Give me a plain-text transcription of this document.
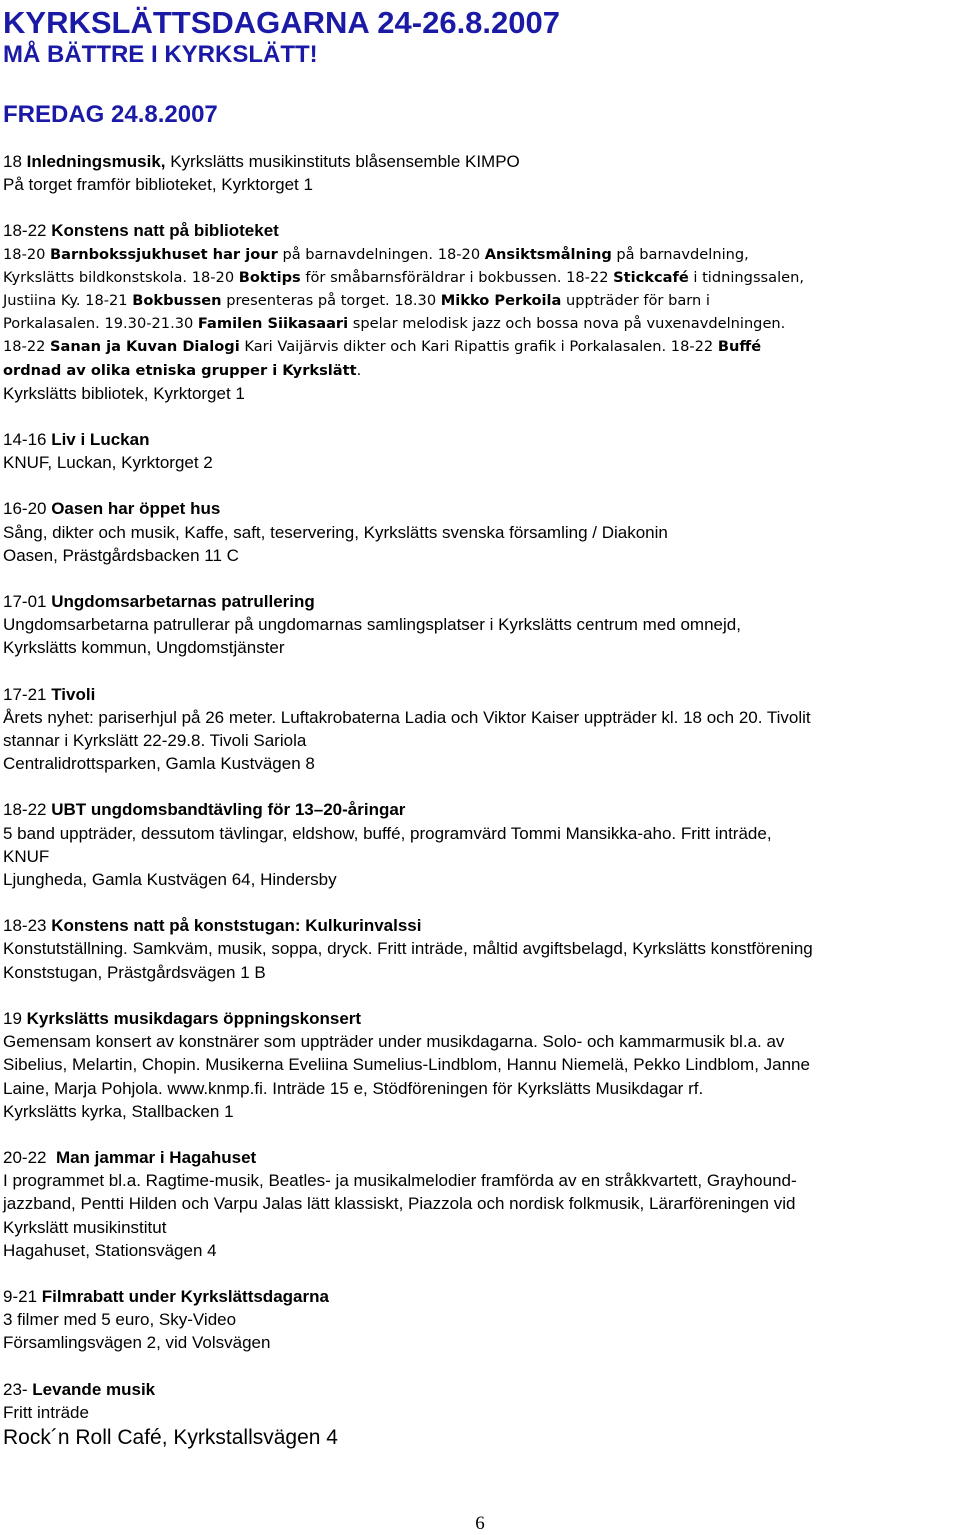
KYRKSLÄTTSDAGARNA 24-26.8.2007
MÅ BÄTTRE I KYRKSLÄTT!
FREDAG 24.8.2007
18 Inledningsmusik, Kyrkslätts musikinstituts blåsensemble KIMPO
På torget framför biblioteket, Kyrktorget 1
18-22 Konstens natt på biblioteket
18-20 Barnbokssjukhuset har jour på barnavdelningen. 18-20 Ansiktsmålning på barnavdelning,
Kyrkslätts bildkonstskola. 18-20 Boktips för småbarnsföräldrar i bokbussen. 18-22 Stickcafé i tidningssalen,
Justiina Ky. 18-21 Bokbussen presenteras på torget. 18.30 Mikko Perkoila uppträder för barn i
Porkalasalen. 19.30-21.30 Familen Siikasaari spelar melodisk jazz och bossa nova på vuxenavdelningen.
18-22 Sanan ja Kuvan Dialogi Kari Vaijärvis dikter och Kari Ripattis grafik i Porkalasalen. 18-22 Buffé
ordnad av olika etniska grupper i Kyrkslätt.
Kyrkslätts bibliotek, Kyrktorget 1
14-16 Liv i Luckan
KNUF, Luckan, Kyrktorget 2
16-20 Oasen har öppet hus
Sång, dikter och musik, Kaffe, saft, teservering, Kyrkslätts svenska församling / Diakonin
Oasen, Prästgårdsbacken 11 C
17-01 Ungdomsarbetarnas patrullering
Ungdomsarbetarna patrullerar på ungdomarnas samlingsplatser i Kyrkslätts centrum med omnejd,
Kyrkslätts kommun, Ungdomstjänster
17-21 Tivoli
Årets nyhet: pariserhjul på 26 meter. Luftakrobaterna Ladia och Viktor Kaiser uppträder kl. 18 och 20. Tivolit
stannar i Kyrkslätt 22-29.8. Tivoli Sariola
Centralidrottsparken, Gamla Kustvägen 8
18-22 UBT ungdomsbandtävling för 13–20-åringar
5 band uppträder, dessutom tävlingar, eldshow, buffé, programvärd Tommi Mansikka-aho. Fritt inträde,
KNUF
Ljungheda, Gamla Kustvägen 64, Hindersby
18-23 Konstens natt på konststugan: Kulkurinvalssi
Konstutställning. Samkväm, musik, soppa, dryck. Fritt inträde, måltid avgiftsbelagd, Kyrkslätts konstförening
Konststugan, Prästgårdsvägen 1 B
19 Kyrkslätts musikdagars öppningskonsert
Gemensam konsert av konstnärer som uppträder under musikdagarna. Solo- och kammarmusik bl.a. av
Sibelius, Melartin, Chopin. Musikerna Eveliina Sumelius-Lindblom, Hannu Niemelä, Pekko Lindblom, Janne
Laine, Marja Pohjola. www.knmp.fi. Inträde 15 e, Stödföreningen för Kyrkslätts Musikdagar rf.
Kyrkslätts kyrka, Stallbacken 1
20-22  Man jammar i Hagahuset
I programmet bl.a. Ragtime-musik, Beatles- ja musikalmelodier framförda av en stråkkvartett, Grayhound-
jazzband, Pentti Hilden och Varpu Jalas lätt klassiskt, Piazzola och nordisk folkmusik, Lärarföreningen vid
Kyrkslätt musikinstitut
Hagahuset, Stationsvägen 4
9-21 Filmrabatt under Kyrkslättsdagarna
3 filmer med 5 euro, Sky-Video
Församlingsvägen 2, vid Volsvägen
23- Levande musik
Fritt inträde
Rock´n Roll Café, Kyrkstallsvägen 4
6
